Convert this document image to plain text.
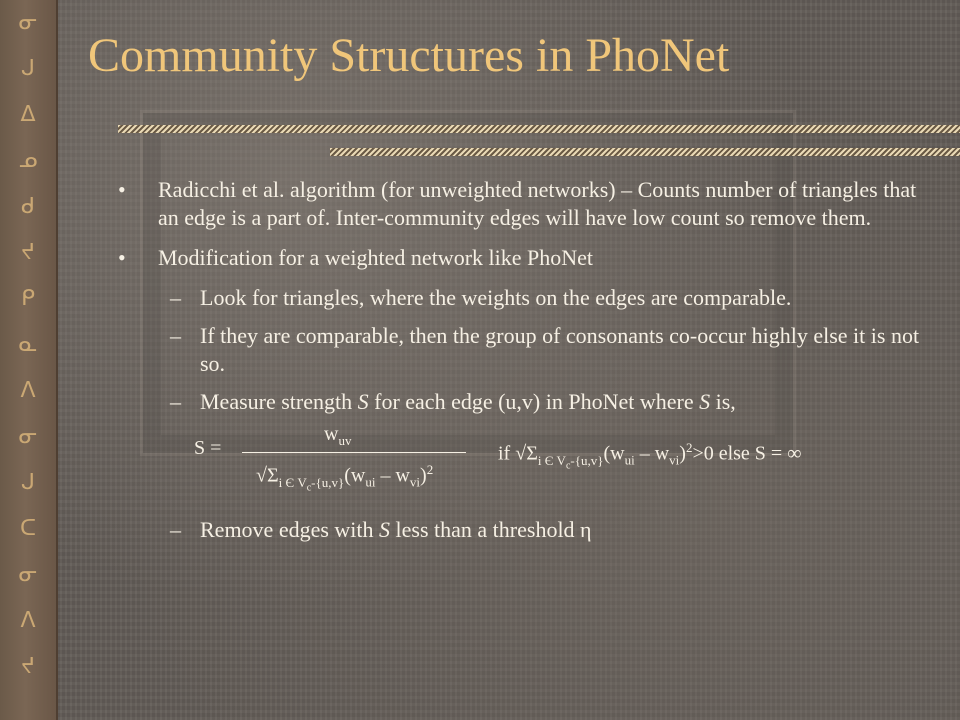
ᓂ
ᒍ
ᐃ
ᓄ
ᑯ
ᔪ
ᑭ
ᓇ
ᐱ
ᓂ
ᒍ
ᑕ
ᓂ
ᐱ
ᔪ
Community Structures in PhoNet
• Radicchi et al. algorithm (for unweighted networks) – Counts number of triangles that an edge is a part of. Inter-community edges will have low count so remove them.
• Modification for a weighted network like PhoNet
– Look for triangles, where the weights on the edges are comparable.
– If they are comparable, then the group of consonants co-occur highly else it is not so.
– Measure strength S for each edge (u,v) in PhoNet where S is,
S =
$w_{uv}$
$√\Sigma_{i Є V_c-\{u,v\}}(w_{ui} - w_{vi})^2$
if $√\Sigma_{i Є V_c-\{u,v\}}(w_{ui} - w_{vi})^2>0$ else S = ∞
– Remove edges with S less than a threshold η
